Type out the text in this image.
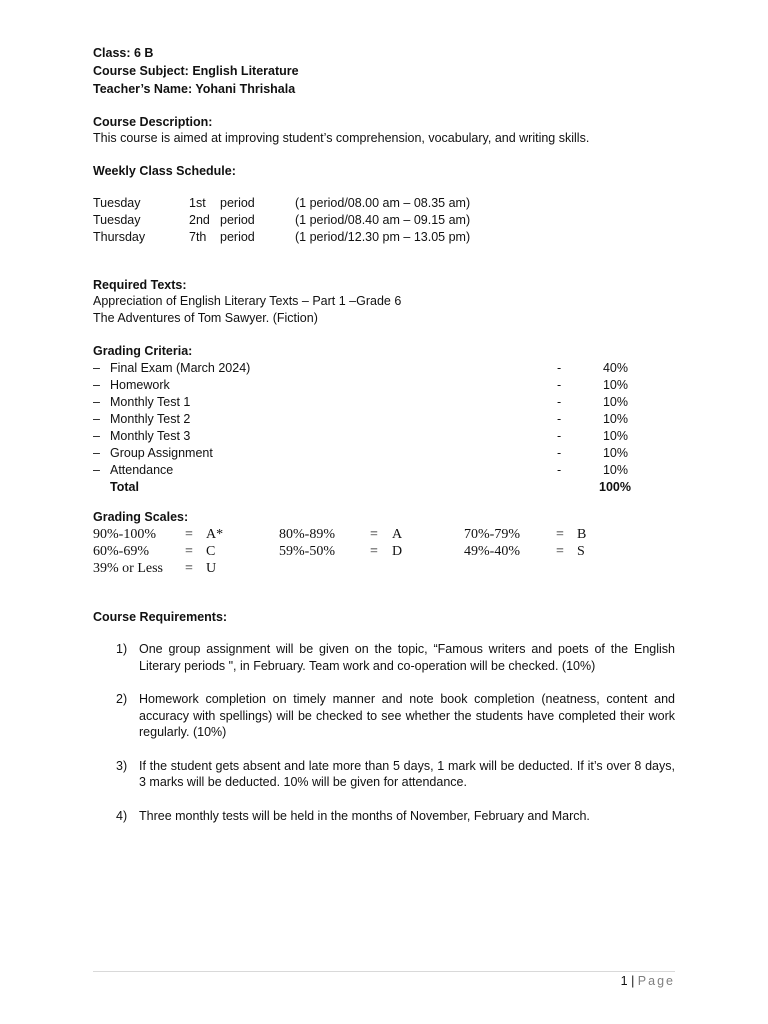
Class: 6 B
Course Subject: English Literature
Teacher’s Name: Yohani Thrishala
Course Description:
This course is aimed at improving student’s comprehension, vocabulary, and writing skills.
Weekly Class Schedule:
Tuesday	1st period	(1 period/08.00 am – 08.35 am)
Tuesday	2nd period	(1 period/08.40 am – 09.15 am)
Thursday	7th period	(1 period/12.30 pm – 13.05 pm)
Required Texts:
Appreciation of English Literary Texts – Part 1 –Grade 6
The Adventures of Tom Sawyer. (Fiction)
Grading Criteria:
– Final Exam (March 2024)	-	40%
– Homework	-	10%
– Monthly Test 1	-	10%
– Monthly Test 2	-	10%
– Monthly Test 3	-	10%
– Group Assignment	-	10%
– Attendance	-	10%
Total	100%
Grading Scales:
90%-100% = A*	80%-89%	= A	70%-79%	= B
60%-69%	= C	59%-50%	= D	49%-40%	= S
39% or Less = U
Course Requirements:
1) One group assignment will be given on the topic, “Famous writers and poets of the English Literary periods ", in February. Team work and co-operation will be checked. (10%)
2) Homework completion on timely manner and note book completion (neatness, content and accuracy with spellings) will be checked to see whether the students have completed their work regularly. (10%)
3) If the student gets absent and late more than 5 days, 1 mark will be deducted. If it’s over 8 days, 3 marks will be deducted. 10% will be given for attendance.
4) Three monthly tests will be held in the months of November, February and March.
1 | Page
